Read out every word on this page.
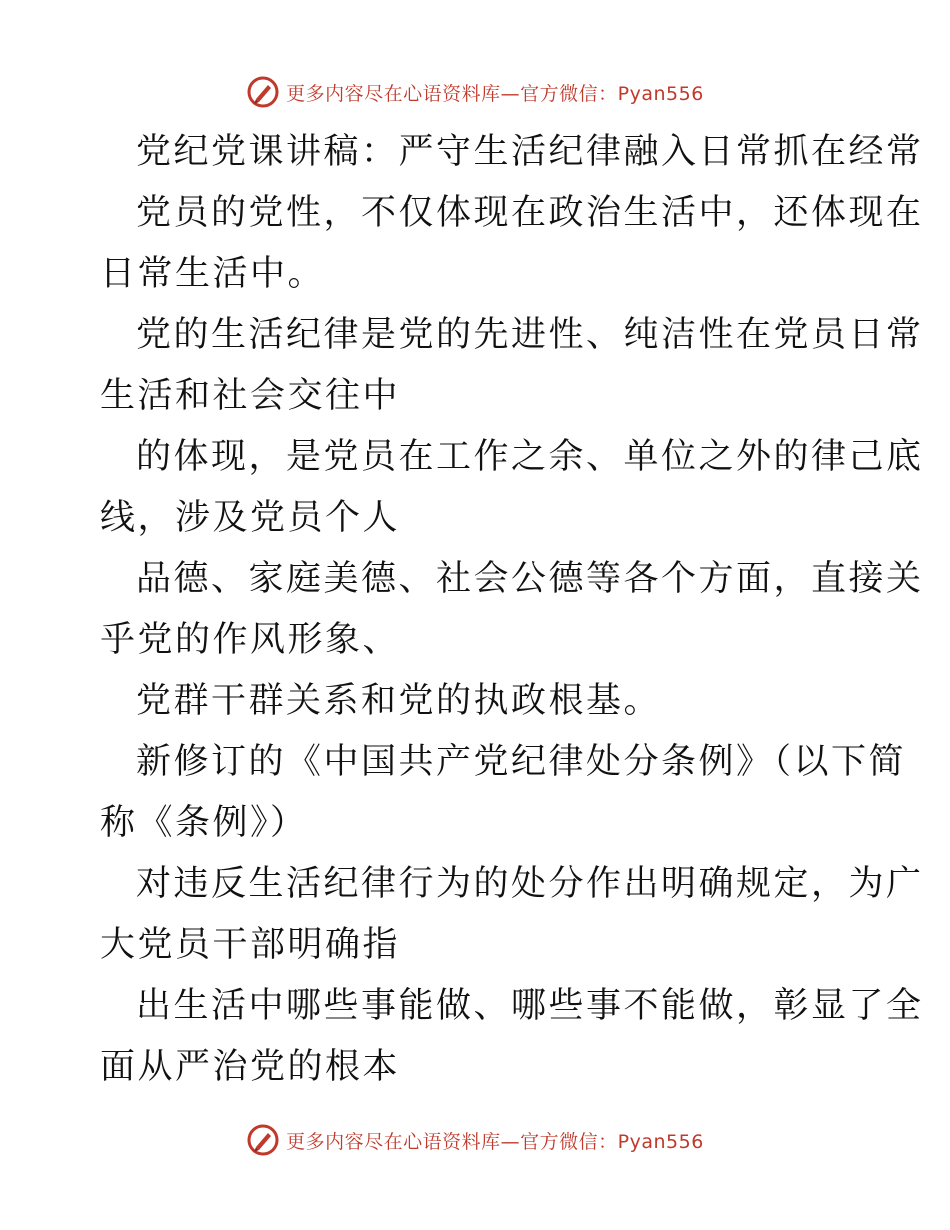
更多内容尽在心语资料库—官方微信：Pyan556
党纪党课讲稿：严守生活纪律融入日常抓在经常
党员的党性，不仅体现在政治生活中，还体现在
日常生活中。
党的生活纪律是党的先进性、纯洁性在党员日常
生活和社会交往中
的体现，是党员在工作之余、单位之外的律己底
线，涉及党员个人
品德、家庭美德、社会公德等各个方面，直接关
乎党的作风形象、
党群干群关系和党的执政根基。
新修订的《中国共产党纪律处分条例》（以下简
称《条例》）
对违反生活纪律行为的处分作出明确规定，为广
大党员干部明确指
出生活中哪些事能做、哪些事不能做，彰显了全
面从严治党的根本
更多内容尽在心语资料库—官方微信：Pyan556
